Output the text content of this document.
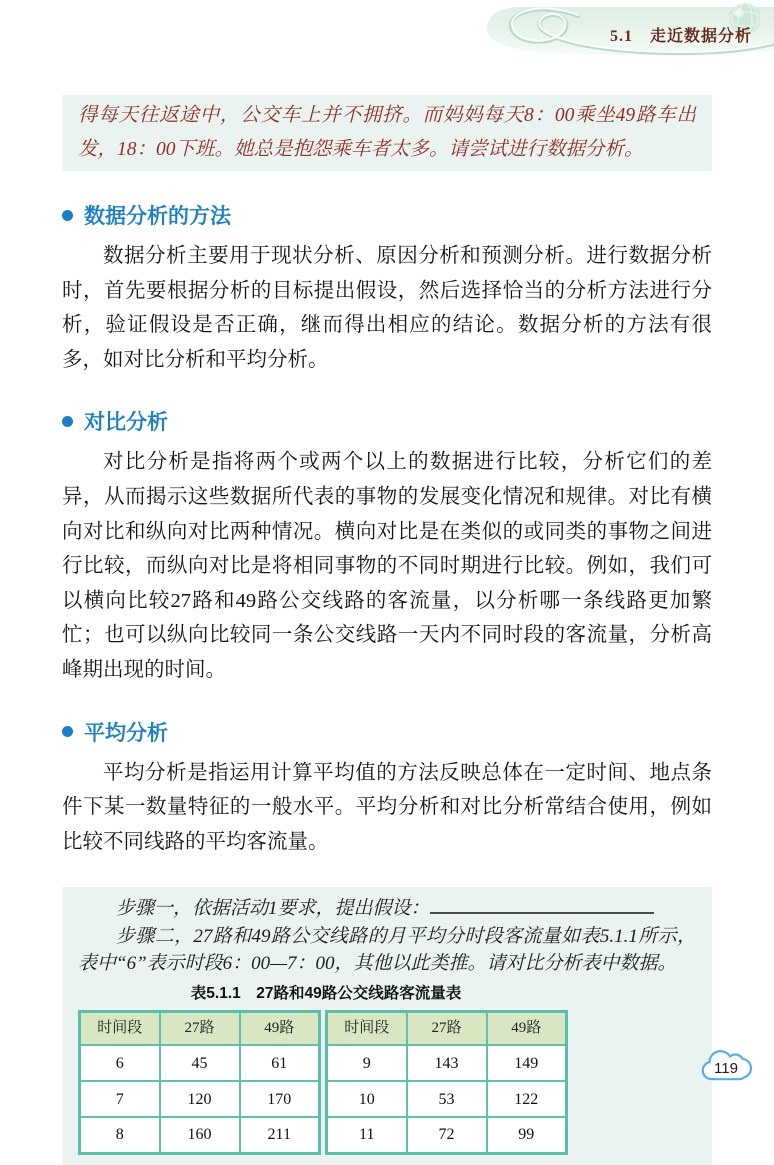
5.1　走近数据分析
得每天往返途中，公交车上并不拥挤。而妈妈每天8：00乘坐49路车出发，18：00下班。她总是抱怨乘车者太多。请尝试进行数据分析。
数据分析的方法

数据分析主要用于现状分析、原因分析和预测分析。进行数据分析时，首先要根据分析的目标提出假设，然后选择恰当的分析方法进行分析，验证假设是否正确，继而得出相应的结论。数据分析的方法有很多，如对比分析和平均分析。

对比分析

对比分析是指将两个或两个以上的数据进行比较，分析它们的差异，从而揭示这些数据所代表的事物的发展变化情况和规律。对比有横向对比和纵向对比两种情况。横向对比是在类似的或同类的事物之间进行比较，而纵向对比是将相同事物的不同时期进行比较。例如，我们可以横向比较27路和49路公交线路的客流量，以分析哪一条线路更加繁忙；也可以纵向比较同一条公交线路一天内不同时段的客流量，分析高峰期出现的时间。

平均分析

平均分析是指运用计算平均值的方法反映总体在一定时间、地点条件下某一数量特征的一般水平。平均分析和对比分析常结合使用，例如比较不同线路的平均客流量。

步骤一，依据活动1要求，提出假设：
步骤二，27路和49路公交线路的月平均分时段客流量如表5.1.1所示，表中“6”表示时段6：00—7：00，其他以此类推。请对比分析表中数据。
表5.1.1　27路和49路公交线路客流量表
时间段	27路	49路
6	45	61
7	120	170
8	160	211
时间段	27路	49路
9	143	149
10	53	122
11	72	99
119
